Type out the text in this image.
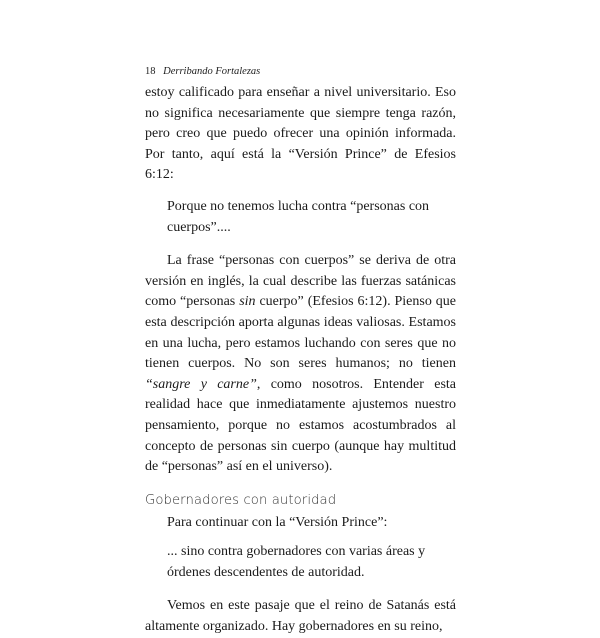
18 Derribando Fortalezas

estoy calificado para enseñar a nivel universitario. Eso no significa necesariamente que siempre tenga razón, pero creo que puedo ofrecer una opinión informada. Por tanto, aquí está la “Versión Prince” de Efesios 6:12:

Porque no tenemos lucha contra “personas con
cuerpos”....

La frase “personas con cuerpos” se deriva de otra versión en inglés, la cual describe las fuerzas satánicas como “personas sin cuerpo” (Efesios 6:12). Pienso que esta descripción aporta algunas ideas valiosas. Estamos en una lucha, pero estamos luchando con seres que no tienen cuerpos. No son seres humanos; no tienen “sangre y carne”, como nosotros. Entender esta realidad hace que inmediatamente ajustemos nuestro pensamiento, porque no estamos acostumbrados al concepto de personas sin cuerpo (aunque hay multitud de “personas” así en el universo).

Gobernadores con autoridad

Para continuar con la “Versión Prince”:

... sino contra gobernadores con varias áreas y
órdenes descendentes de autoridad.

Vemos en este pasaje que el reino de Satanás está altamente organizado. Hay gobernadores en su reino,
